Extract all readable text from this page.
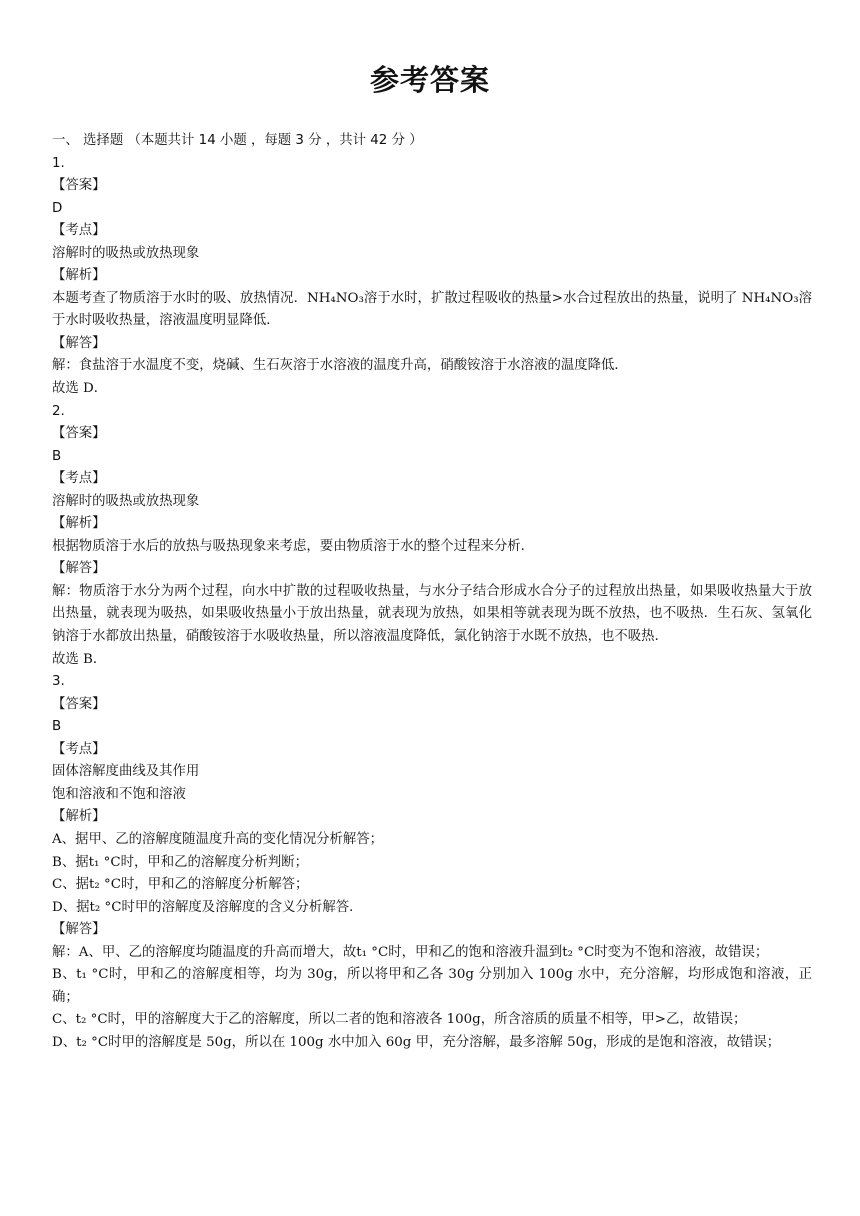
参考答案

一、 选择题 （本题共计 14 小题 ，每题 3 分 ，共计 42 分 ）

1.

【答案】

D

【考点】

溶解时的吸热或放热现象

【解析】

本题考查了物质溶于水时的吸、放热情况．NH₄NO₃溶于水时，扩散过程吸收的热量>水合过程放出的热量，说明了 NH₄NO₃溶于水时吸收热量，溶液温度明显降低．

【解答】

解：食盐溶于水温度不变，烧碱、生石灰溶于水溶液的温度升高，硝酸铵溶于水溶液的温度降低．

故选 D．

2.

【答案】

B

【考点】

溶解时的吸热或放热现象

【解析】

根据物质溶于水后的放热与吸热现象来考虑，要由物质溶于水的整个过程来分析．

【解答】

解：物质溶于水分为两个过程，向水中扩散的过程吸收热量，与水分子结合形成水合分子的过程放出热量，如果吸收热量大于放出热量，就表现为吸热，如果吸收热量小于放出热量，就表现为放热，如果相等就表现为既不放热，也不吸热．生石灰、氢氧化钠溶于水都放出热量，硝酸铵溶于水吸收热量，所以溶液温度降低，氯化钠溶于水既不放热，也不吸热．

故选 B．

3.

【答案】

B

【考点】

固体溶解度曲线及其作用

饱和溶液和不饱和溶液

【解析】

A、据甲、乙的溶解度随温度升高的变化情况分析解答；

B、据t₁ °C时，甲和乙的溶解度分析判断；

C、据t₂ °C时，甲和乙的溶解度分析解答；

D、据t₂ °C时甲的溶解度及溶解度的含义分析解答．

【解答】

解：A、甲、乙的溶解度均随温度的升高而增大，故t₁ °C时，甲和乙的饱和溶液升温到t₂ °C时变为不饱和溶液，故错误；

B、t₁ °C时，甲和乙的溶解度相等，均为 30g，所以将甲和乙各 30g 分别加入 100g 水中，充分溶解，均形成饱和溶液，正确；

C、t₂ °C时，甲的溶解度大于乙的溶解度，所以二者的饱和溶液各 100g，所含溶质的质量不相等，甲>乙，故错误；

D、t₂ °C时甲的溶解度是 50g，所以在 100g 水中加入 60g 甲，充分溶解，最多溶解 50g，形成的是饱和溶液，故错误；
